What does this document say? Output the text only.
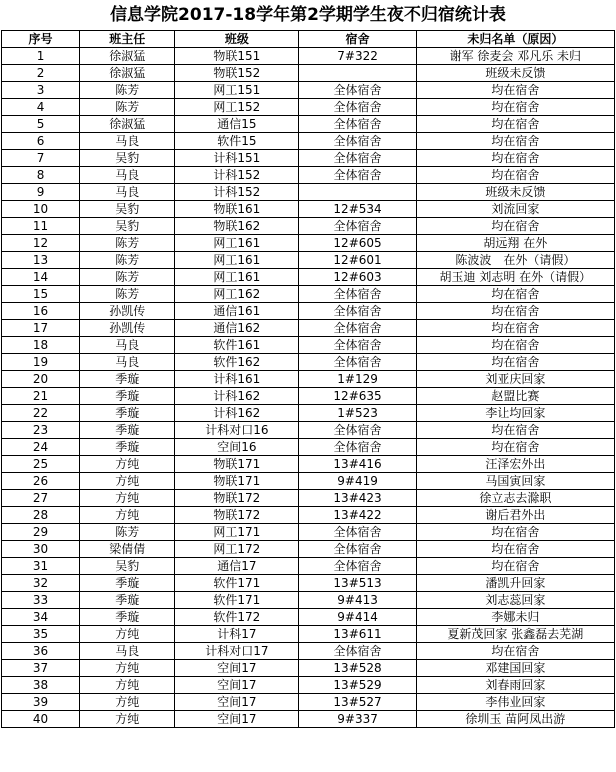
信息学院2017-18学年第2学期学生夜不归宿统计表
序号	班主任	班级	宿舍	未归名单（原因）
1	徐淑猛	物联151	7#322	谢军 徐麦会 邓凡乐 未归
2	徐淑猛	物联152		班级未反馈
3	陈芳	网工151	全体宿舍	均在宿舍
4	陈芳	网工152	全体宿舍	均在宿舍
5	徐淑猛	通信15	全体宿舍	均在宿舍
6	马良	软件15	全体宿舍	均在宿舍
7	吴豹	计科151	全体宿舍	均在宿舍
8	马良	计科152	全体宿舍	均在宿舍
9	马良	计科152		班级未反馈
10	吴豹	物联161	12#534	刘流回家
11	吴豹	物联162	全体宿舍	均在宿舍
12	陈芳	网工161	12#605	胡远翔 在外
13	陈芳	网工161	12#601	陈波波　在外（请假）
14	陈芳	网工161	12#603	胡玉迪 刘志明 在外（请假）
15	陈芳	网工162	全体宿舍	均在宿舍
16	孙凯传	通信161	全体宿舍	均在宿舍
17	孙凯传	通信162	全体宿舍	均在宿舍
18	马良	软件161	全体宿舍	均在宿舍
19	马良	软件162	全体宿舍	均在宿舍
20	季璇	计科161	1#129	刘亚庆回家
21	季璇	计科162	12#635	赵盟比赛
22	季璇	计科162	1#523	李让均回家
23	季璇	计科对口16	全体宿舍	均在宿舍
24	季璇	空间16	全体宿舍	均在宿舍
25	方纯	物联171	13#416	汪泽宏外出
26	方纯	物联171	9#419	马国寅回家
27	方纯	物联172	13#423	徐立志去滁职
28	方纯	物联172	13#422	谢后君外出
29	陈芳	网工171	全体宿舍	均在宿舍
30	梁倩倩	网工172	全体宿舍	均在宿舍
31	吴豹	通信17	全体宿舍	均在宿舍
32	季璇	软件171	13#513	潘凯升回家
33	季璇	软件171	9#413	刘志蕊回家
34	季璇	软件172	9#414	李娜未归
35	方纯	计科17	13#611	夏新茂回家 张鑫磊去芜湖
36	马良	计科对口17	全体宿舍	均在宿舍
37	方纯	空间17	13#528	邓建国回家
38	方纯	空间17	13#529	刘春雨回家
39	方纯	空间17	13#527	李伟业回家
40	方纯	空间17	9#337	徐圳玉 苗阿凤出游
